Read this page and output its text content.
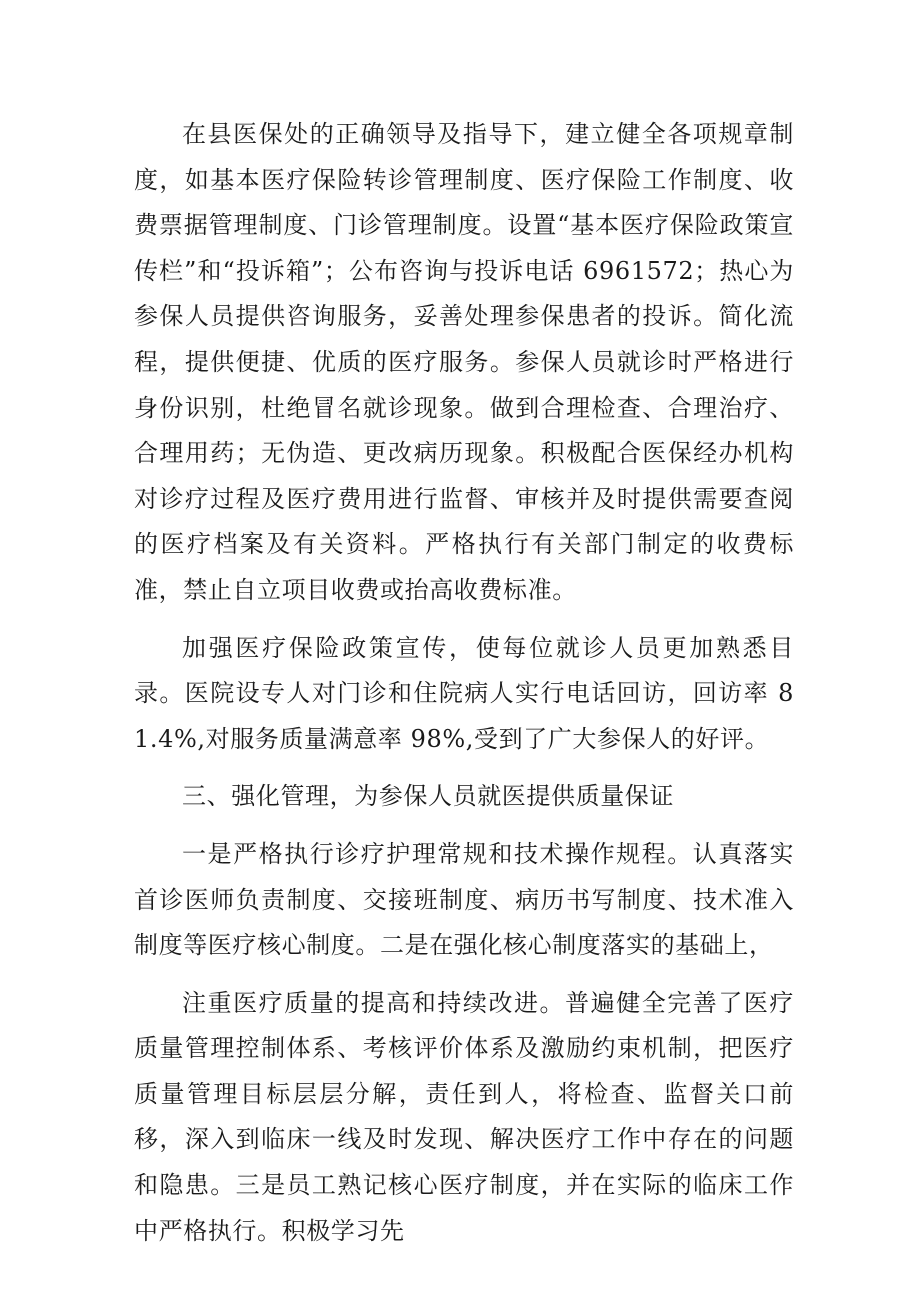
在县医保处的正确领导及指导下，建立健全各项规章制度，如基本医疗保险转诊管理制度、医疗保险工作制度、收费票据管理制度、门诊管理制度。设置“基本医疗保险政策宣传栏”和“投诉箱”；公布咨询与投诉电话 6961572；热心为参保人员提供咨询服务，妥善处理参保患者的投诉。简化流程，提供便捷、优质的医疗服务。参保人员就诊时严格进行身份识别，杜绝冒名就诊现象。做到合理检查、合理治疗、合理用药；无伪造、更改病历现象。积极配合医保经办机构对诊疗过程及医疗费用进行监督、审核并及时提供需要查阅的医疗档案及有关资料。严格执行有关部门制定的收费标准，禁止自立项目收费或抬高收费标准。

加强医疗保险政策宣传，使每位就诊人员更加熟悉目录。医院设专人对门诊和住院病人实行电话回访，回访率 81.4%,对服务质量满意率 98%,受到了广大参保人的好评。

三、强化管理，为参保人员就医提供质量保证

一是严格执行诊疗护理常规和技术操作规程。认真落实首诊医师负责制度、交接班制度、病历书写制度、技术准入制度等医疗核心制度。二是在强化核心制度落实的基础上，

注重医疗质量的提高和持续改进。普遍健全完善了医疗质量管理控制体系、考核评价体系及激励约束机制，把医疗质量管理目标层层分解，责任到人，将检查、监督关口前移，深入到临床一线及时发现、解决医疗工作中存在的问题和隐患。三是员工熟记核心医疗制度，并在实际的临床工作中严格执行。积极学习先
